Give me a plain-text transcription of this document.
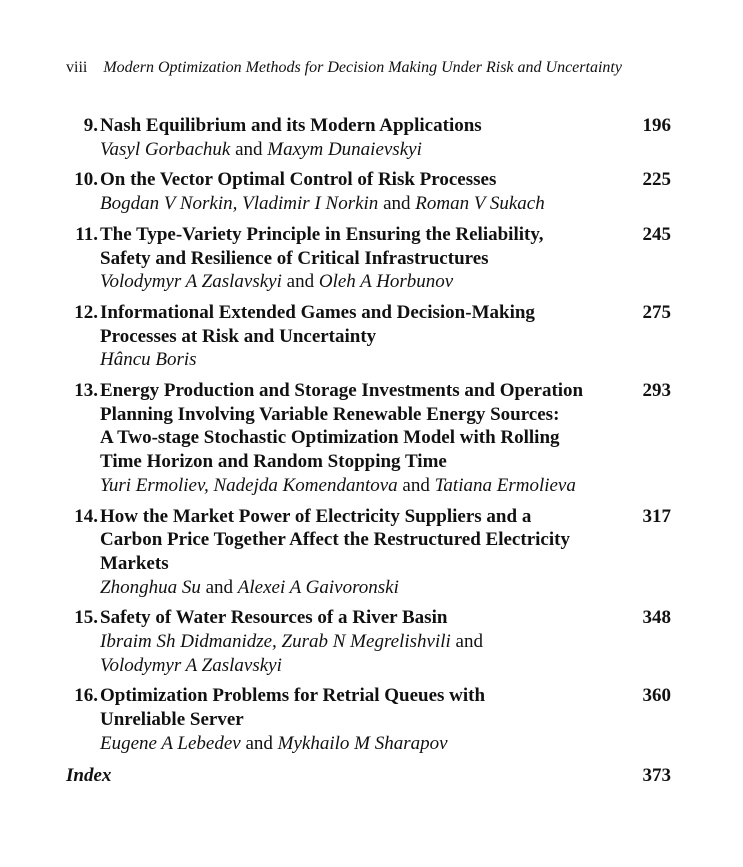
viii Modern Optimization Methods for Decision Making Under Risk and Uncertainty
9. Nash Equilibrium and its Modern Applications
Vasyl Gorbachuk and Maxym Dunaievskyi
196
10. On the Vector Optimal Control of Risk Processes
Bogdan V Norkin, Vladimir I Norkin and Roman V Sukach
225
11. The Type-Variety Principle in Ensuring the Reliability,
Safety and Resilience of Critical Infrastructures
Volodymyr A Zaslavskyi and Oleh A Horbunov
245
12. Informational Extended Games and Decision-Making
Processes at Risk and Uncertainty
Hâncu Boris
275
13. Energy Production and Storage Investments and Operation
Planning Involving Variable Renewable Energy Sources:
A Two-stage Stochastic Optimization Model with Rolling
Time Horizon and Random Stopping Time
Yuri Ermoliev, Nadejda Komendantova and Tatiana Ermolieva
293
14. How the Market Power of Electricity Suppliers and a
Carbon Price Together Affect the Restructured Electricity
Markets
Zhonghua Su and Alexei A Gaivoronski
317
15. Safety of Water Resources of a River Basin
Ibraim Sh Didmanidze, Zurab N Megrelishvili and
Volodymyr A Zaslavskyi
348
16. Optimization Problems for Retrial Queues with
Unreliable Server
Eugene A Lebedev and Mykhailo M Sharapov
360
Index	373
